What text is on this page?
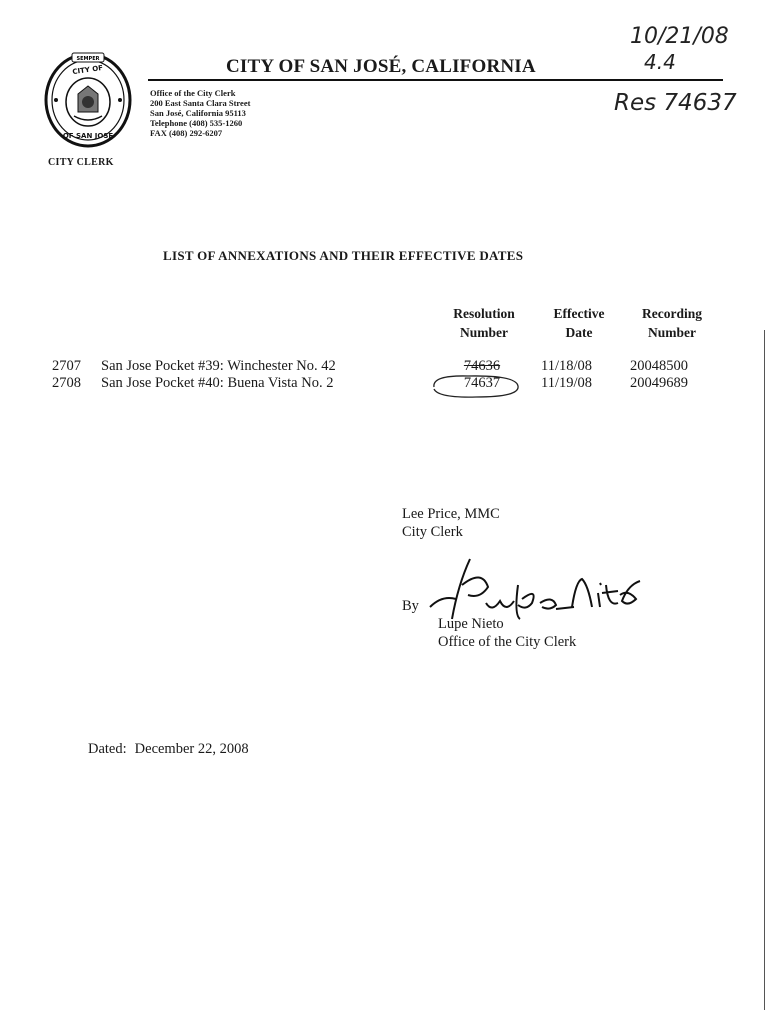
SEMPER
CITY OF
OF SAN JOSE
CITY CLERK
CITY OF SAN JOSÉ, CALIFORNIA
Office of the City Clerk
200 East Santa Clara Street
San José, California 95113
Telephone (408) 535-1260
FAX (408) 292-6207
10/21/08
4.4
Res 74637
LIST OF ANNEXATIONS AND THEIR EFFECTIVE DATES
Resolution
Number
Effective
Date
Recording
Number
2707 San Jose Pocket #39: Winchester No. 42	74636	11/18/08	20048500
2708 San Jose Pocket #40: Buena Vista No. 2	74637	11/19/08	20049689
Lee Price, MMC
City Clerk
By
Lupe Nieto
Office of the City Clerk
Dated: December 22, 2008
